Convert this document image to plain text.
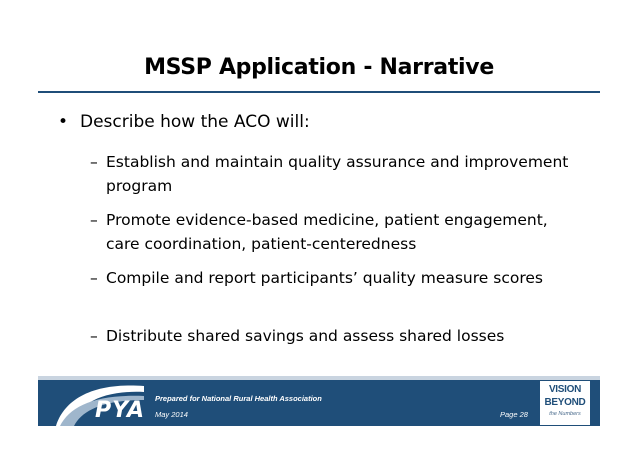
MSSP Application - Narrative
• Describe how the ACO will:
– Establish and maintain quality assurance and improvement program
– Promote evidence-based medicine, patient engagement, care coordination, patient-centeredness
– Compile and report participants’ quality measure scores
– Distribute shared savings and assess shared losses
PYA Prepared for National Rural Health Association
May 2014	Page 28
VISION
BEYOND
the Numbers
